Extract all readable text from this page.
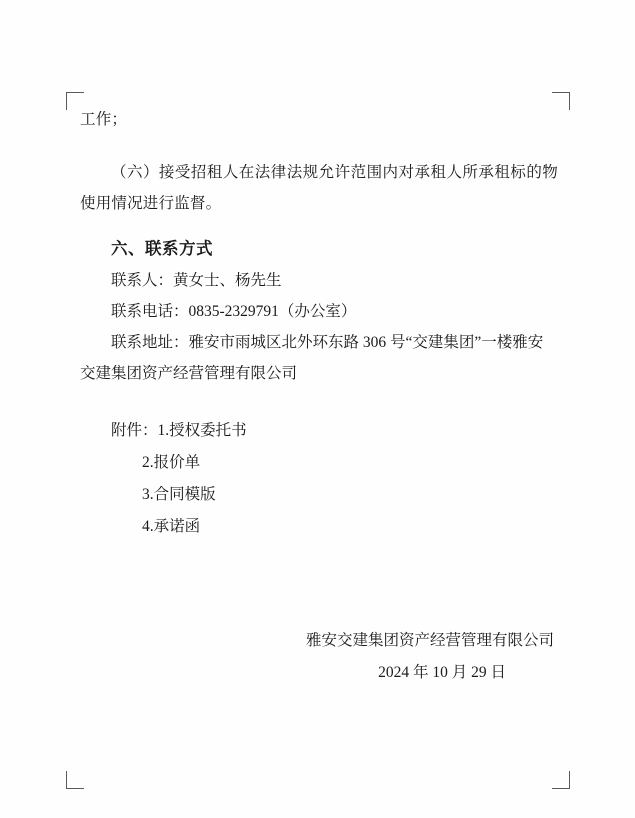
工作；

（六）接受招租人在法律法规允许范围内对承租人所承租标的物使用情况进行监督。

六、联系方式

联系人：黄女士、杨先生

联系电话：0835-2329791（办公室）

联系地址：雅安市雨城区北外环东路 306 号“交建集团”一楼雅安交建集团资产经营管理有限公司

附件：1.授权委托书

2.报价单

3.合同模版

4.承诺函

雅安交建集团资产经营管理有限公司

2024 年 10 月 29 日
